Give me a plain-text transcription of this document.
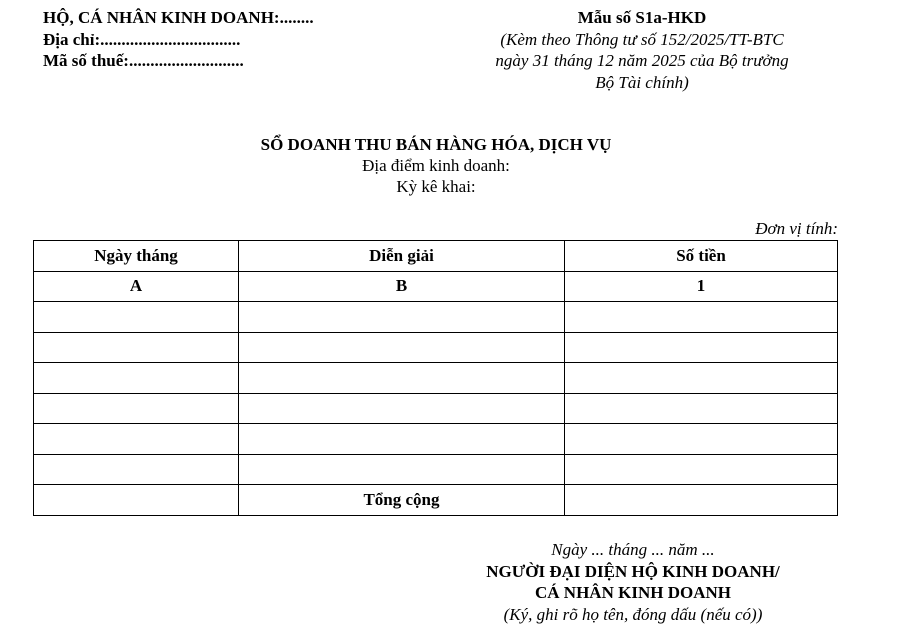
HỘ, CÁ NHÂN KINH DOANH:........
Địa chỉ:.................................
Mã số thuế:...........................
Mẫu số S1a-HKD
(Kèm theo Thông tư số 152/2025/TT-BTC
ngày 31 tháng 12 năm 2025 của Bộ trưởng
Bộ Tài chính)
SỔ DOANH THU BÁN HÀNG HÓA, DỊCH VỤ
Địa điểm kinh doanh:
Kỳ kê khai:
Đơn vị tính:
Ngày tháng	Diễn giải	Số tiền
A	B	1

	Tổng cộng	
Ngày ... tháng ... năm ...
NGƯỜI ĐẠI DIỆN HỘ KINH DOANH/
CÁ NHÂN KINH DOANH
(Ký, ghi rõ họ tên, đóng dấu (nếu có))
